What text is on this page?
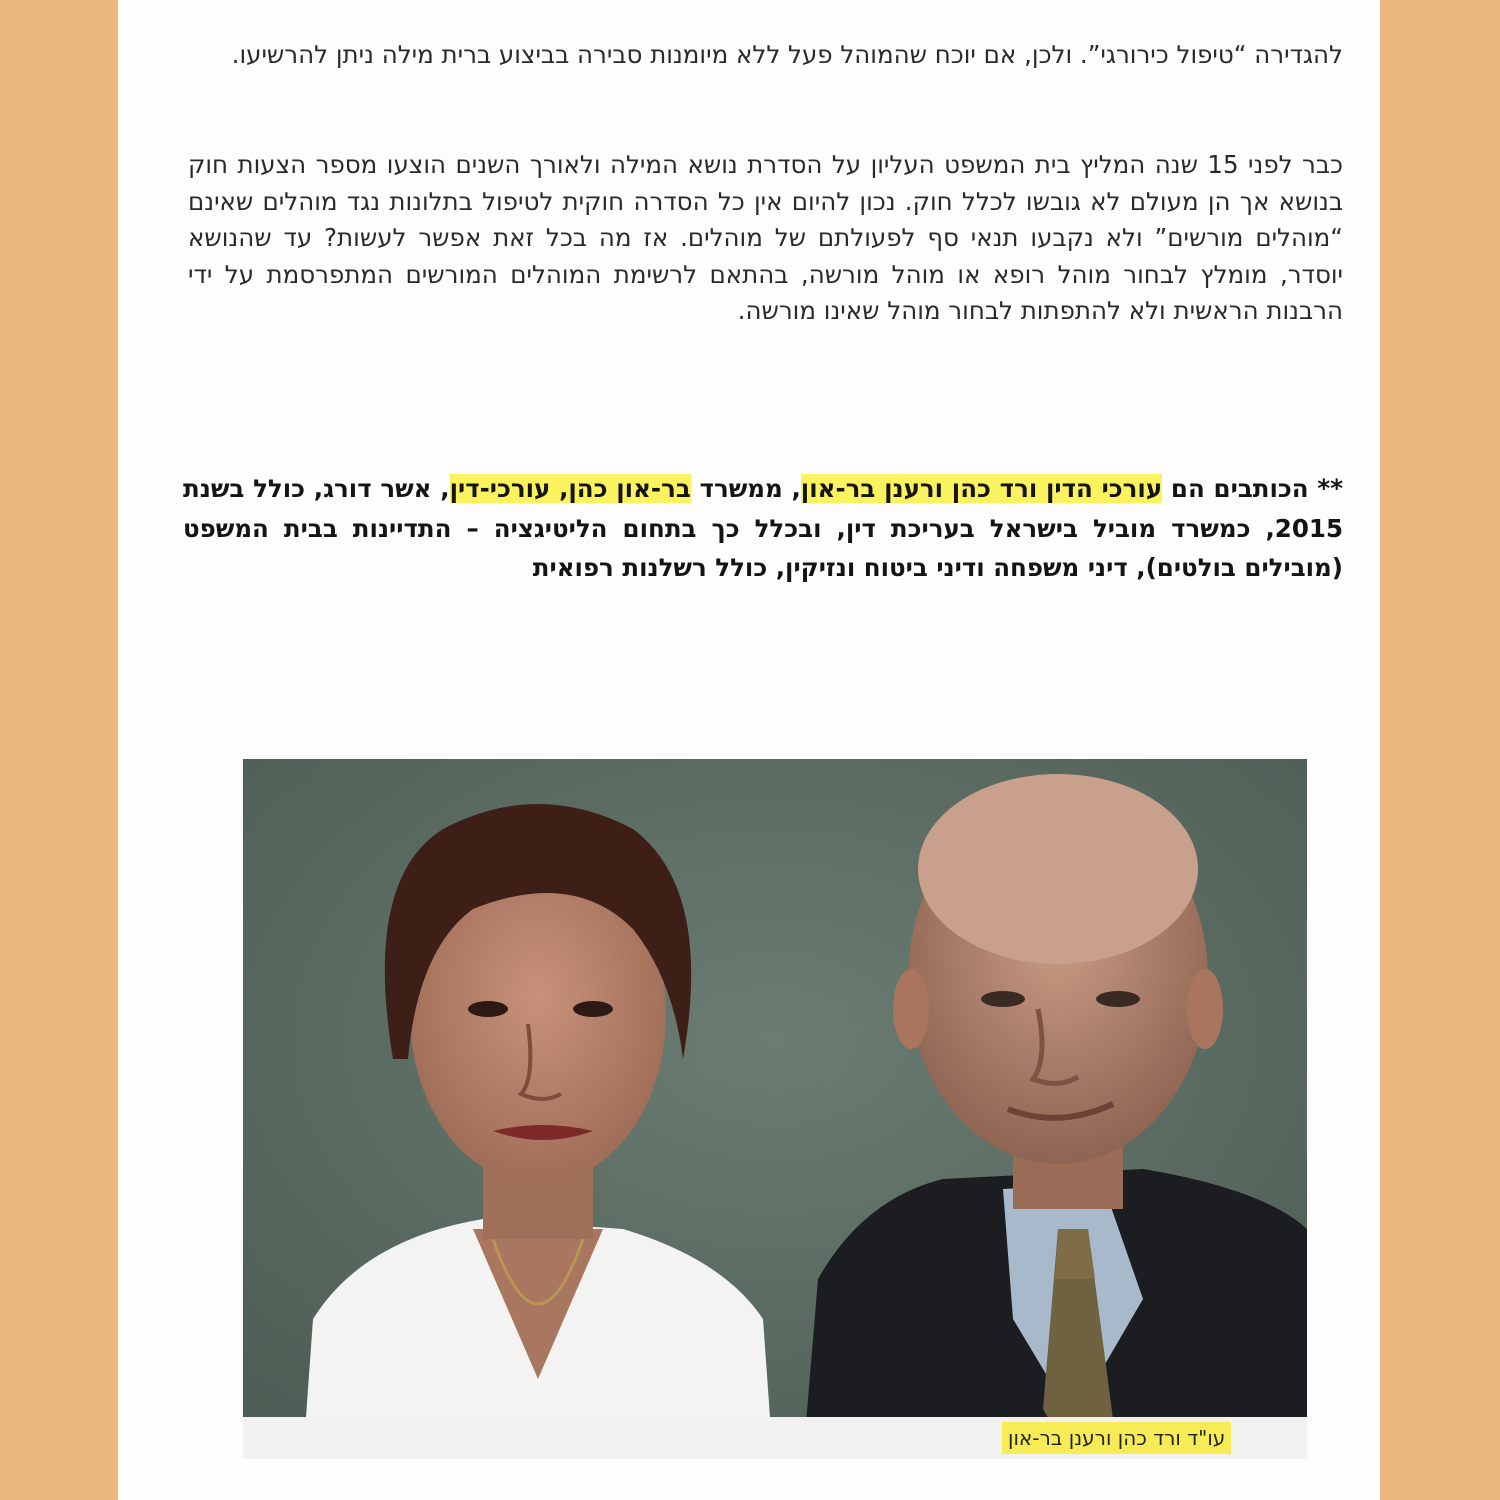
להגדירה “טיפול כירורגי”. ולכן, אם יוכח שהמוהל פעל ללא מיומנות סבירה בביצוע ברית מילה ניתן להרשיעו.
כבר לפני 15 שנה המליץ בית המשפט העליון על הסדרת נושא המילה ולאורך השנים הוצעו מספר הצעות חוק בנושא אך הן מעולם לא גובשו לכלל חוק. נכון להיום אין כל הסדרה חוקית לטיפול בתלונות נגד מוהלים שאינם “מוהלים מורשים” ולא נקבעו תנאי סף לפעולתם של מוהלים. אז מה בכל זאת אפשר לעשות? עד שהנושא יוסדר, מומלץ לבחור מוהל רופא או מוהל מורשה, בהתאם לרשימת המוהלים המורשים המתפרסמת על ידי הרבנות הראשית ולא להתפתות לבחור מוהל שאינו מורשה.
** הכותבים הם עורכי הדין ורד כהן ורענן בר-און, ממשרד בר-און כהן, עורכי-דין, אשר דורג, כולל בשנת 2015, כמשרד מוביל בישראל בעריכת דין, ובכלל כך בתחום הליטיגציה – התדיינות בבית המשפט (מובילים בולטים), דיני משפחה ודיני ביטוח ונזיקין, כולל רשלנות רפואית
עו"ד ורד כהן ורענן בר-און
